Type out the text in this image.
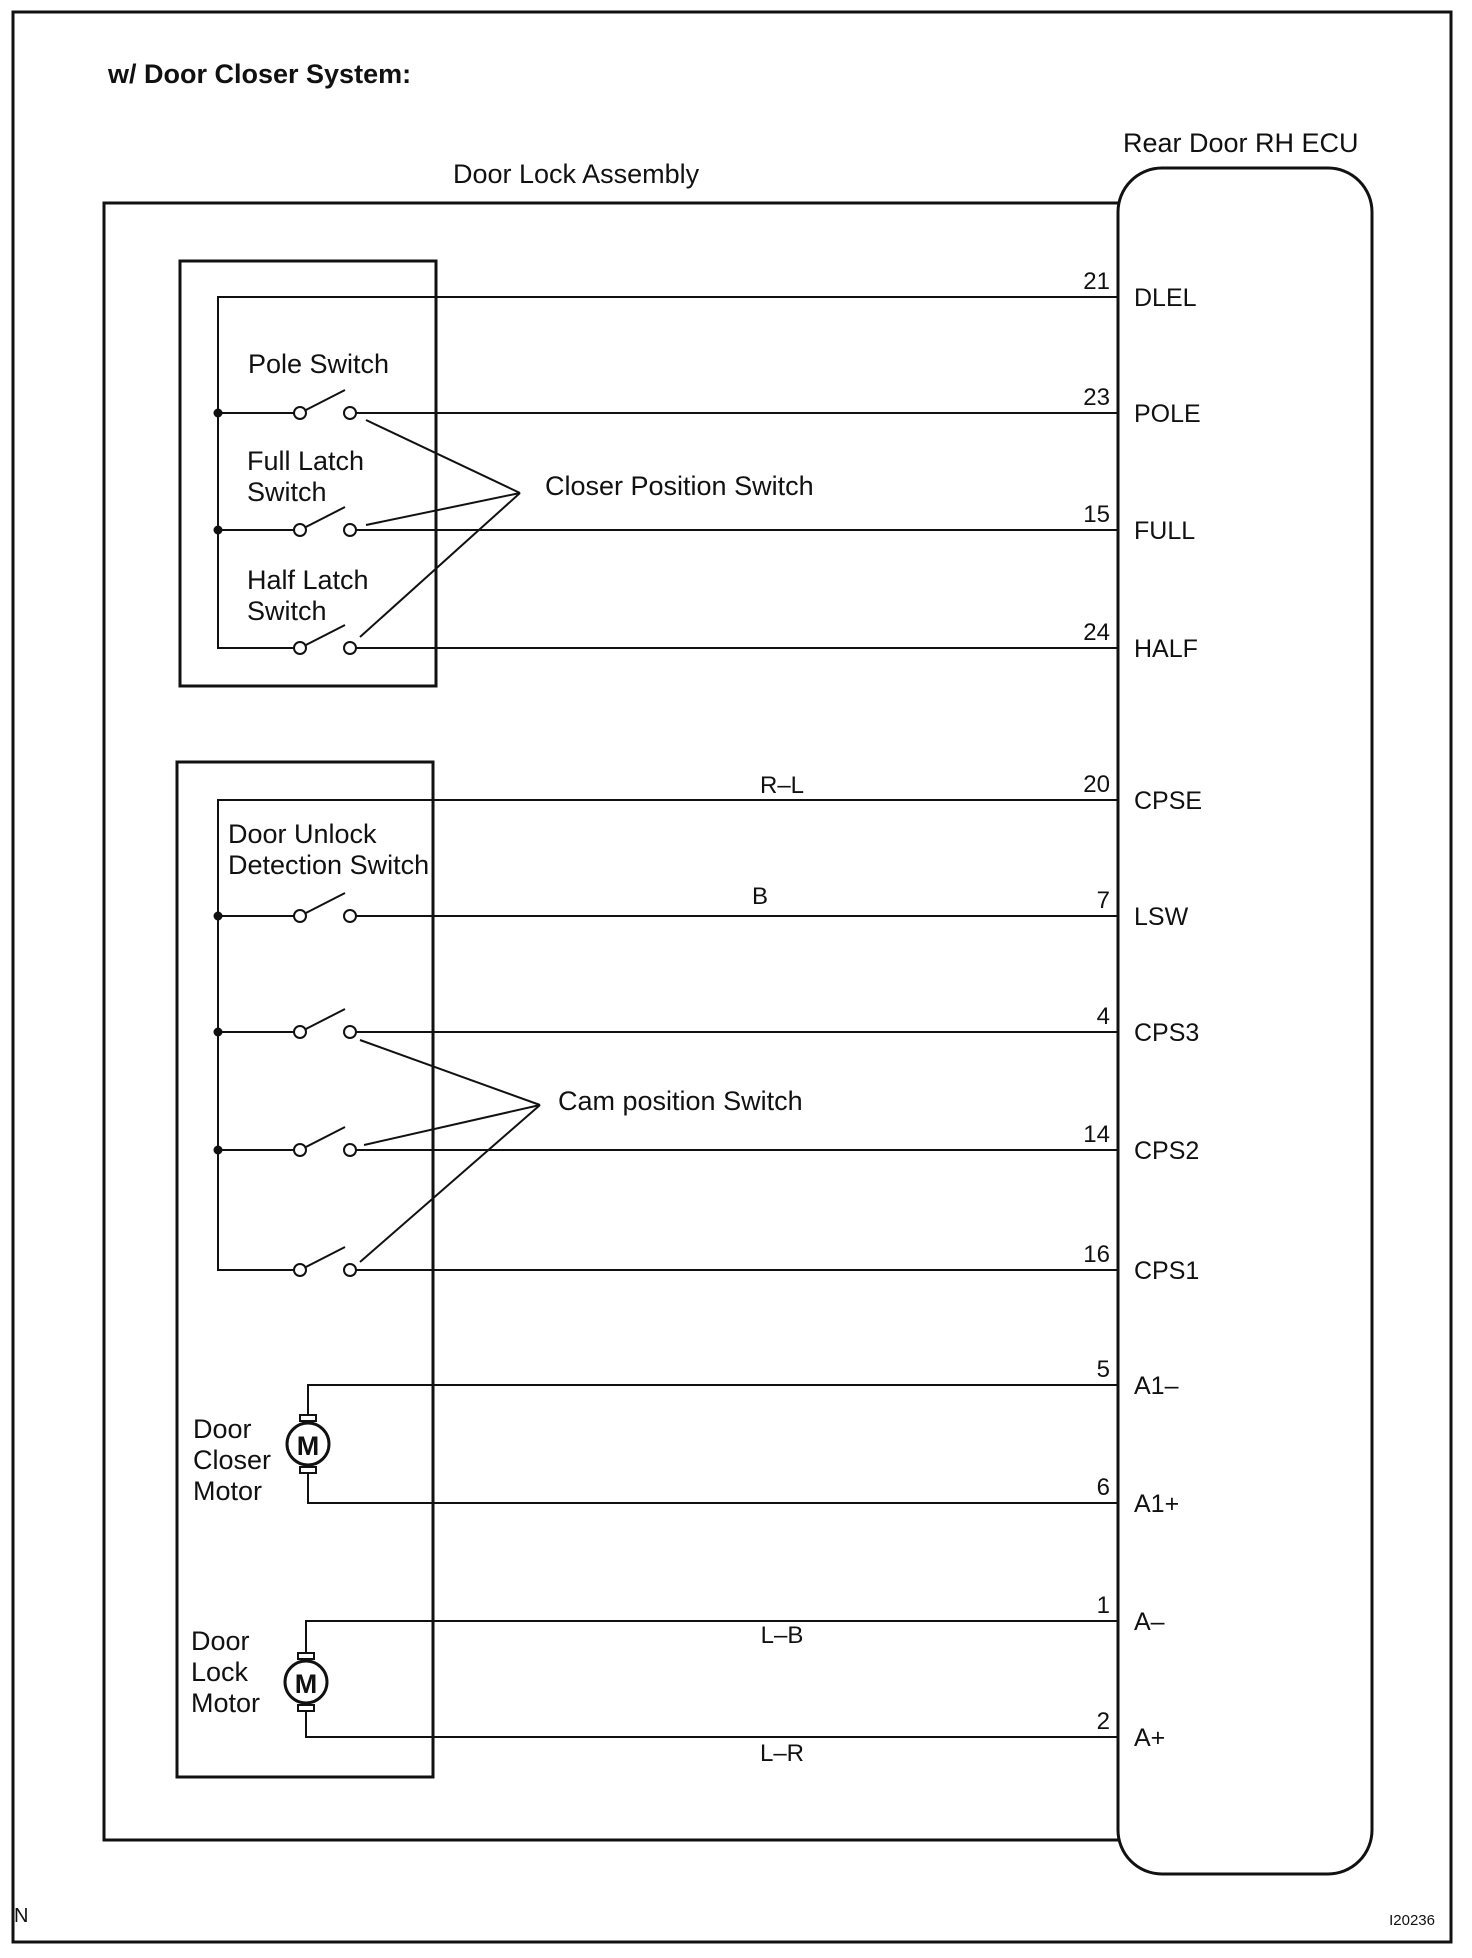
w/ Door Closer System:
Door Lock Assembly
Rear Door RH ECU
Pole Switch
Full Latch
Switch
Half Latch
Switch
Closer Position Switch
M
M
Door Unlock
Detection Switch
Cam position Switch
Door
Closer
Motor
Door
Lock
Motor
R–L
B
L–B
L–R
21
DLEL
23
POLE
15
FULL
24
HALF
20
CPSE
7
LSW
4
CPS3
14
CPS2
16
CPS1
5
A1–
6
A1+
1
A–
2
A+
N	I20236
